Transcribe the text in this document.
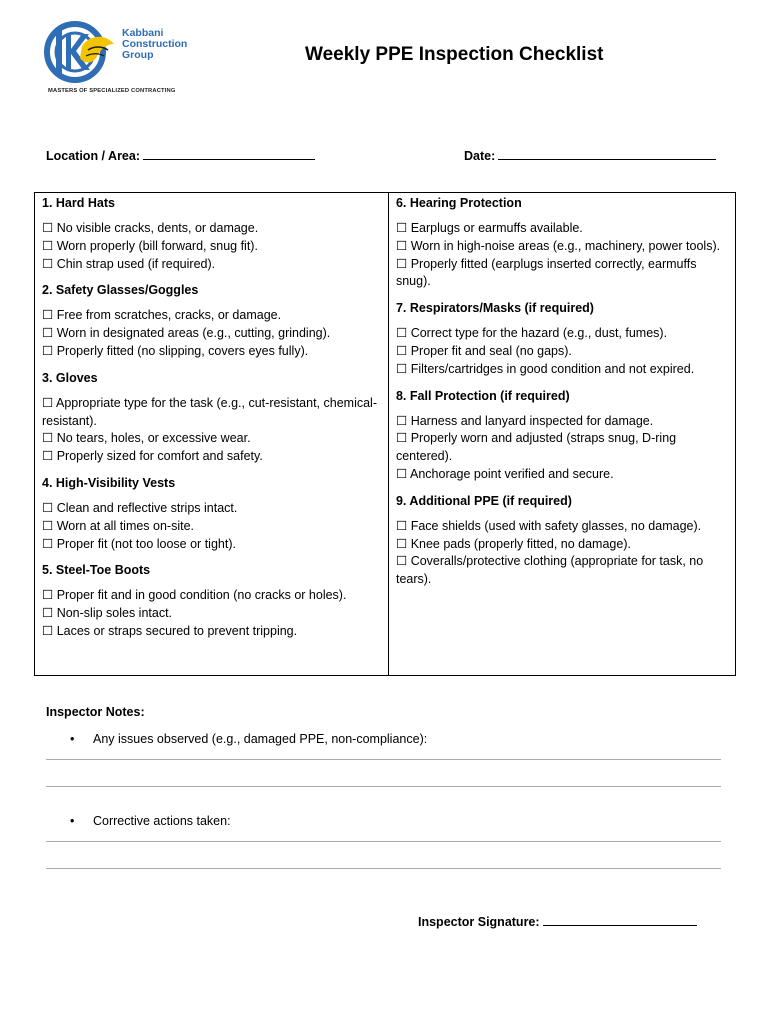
Kabbani
Construction
Group
MASTERS OF SPECIALIZED CONTRACTING
Weekly PPE Inspection Checklist
Location / Area:	Date:
1. Hard Hats
☐ No visible cracks, dents, or damage.
☐ Worn properly (bill forward, snug fit).
☐ Chin strap used (if required).
2. Safety Glasses/Goggles
☐ Free from scratches, cracks, or damage.
☐ Worn in designated areas (e.g., cutting, grinding).
☐ Properly fitted (no slipping, covers eyes fully).
3. Gloves
☐ Appropriate type for the task (e.g., cut-resistant, chemical-resistant).
☐ No tears, holes, or excessive wear.
☐ Properly sized for comfort and safety.
4. High-Visibility Vests
☐ Clean and reflective strips intact.
☐ Worn at all times on-site.
☐ Proper fit (not too loose or tight).
5. Steel-Toe Boots
☐ Proper fit and in good condition (no cracks or holes).
☐ Non-slip soles intact.
☐ Laces or straps secured to prevent tripping.
6. Hearing Protection
☐ Earplugs or earmuffs available.
☐ Worn in high-noise areas (e.g., machinery, power tools).
☐ Properly fitted (earplugs inserted correctly, earmuffs snug).
7. Respirators/Masks (if required)
☐ Correct type for the hazard (e.g., dust, fumes).
☐ Proper fit and seal (no gaps).
☐ Filters/cartridges in good condition and not expired.
8. Fall Protection (if required)
☐ Harness and lanyard inspected for damage.
☐ Properly worn and adjusted (straps snug, D-ring centered).
☐ Anchorage point verified and secure.
9. Additional PPE (if required)
☐ Face shields (used with safety glasses, no damage).
☐ Knee pads (properly fitted, no damage).
☐ Coveralls/protective clothing (appropriate for task, no tears).
Inspector Notes:
• Any issues observed (e.g., damaged PPE, non-compliance):
• Corrective actions taken:
Inspector Signature:
